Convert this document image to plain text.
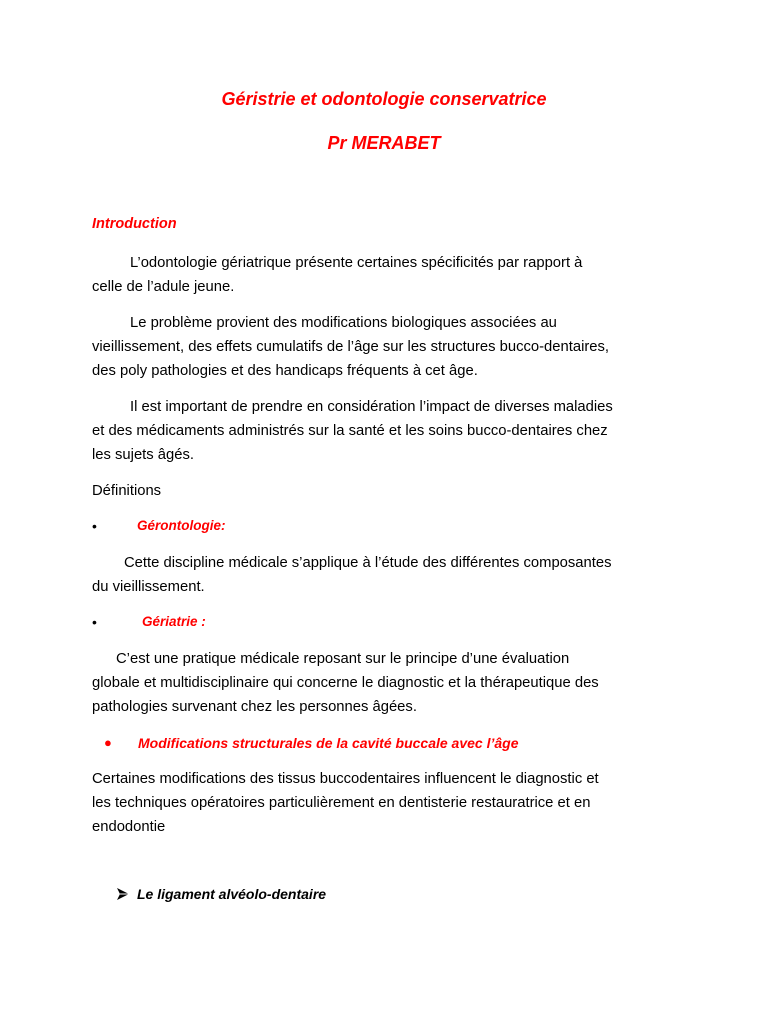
Géristrie et odontologie conservatrice
Pr MERABET
Introduction
L’odontologie gériatrique présente certaines spécificités par rapport à
celle de l’adule jeune.
Le problème provient des modifications biologiques associées au
vieillissement, des effets cumulatifs de l’âge sur les structures bucco-dentaires,
des poly pathologies et des handicaps fréquents à cet âge.
Il est important de prendre en considération l’impact de diverses maladies
et des médicaments administrés sur la santé et les soins bucco-dentaires chez
les sujets âgés.
Définitions
•	Gérontologie:
Cette discipline médicale s’applique à l’étude des différentes composantes
du vieillissement.
•	Gériatrie :
C’est une pratique médicale reposant sur le principe d’une évaluation
globale et multidisciplinaire qui concerne le diagnostic et la thérapeutique des
pathologies survenant chez les personnes âgées.
● Modifications structurales de la cavité buccale avec l’âge
Certaines modifications des tissus buccodentaires influencent le diagnostic et
les techniques opératoires particulièrement en dentisterie restauratrice et en
endodontie
Le ligament alvéolo-dentaire
